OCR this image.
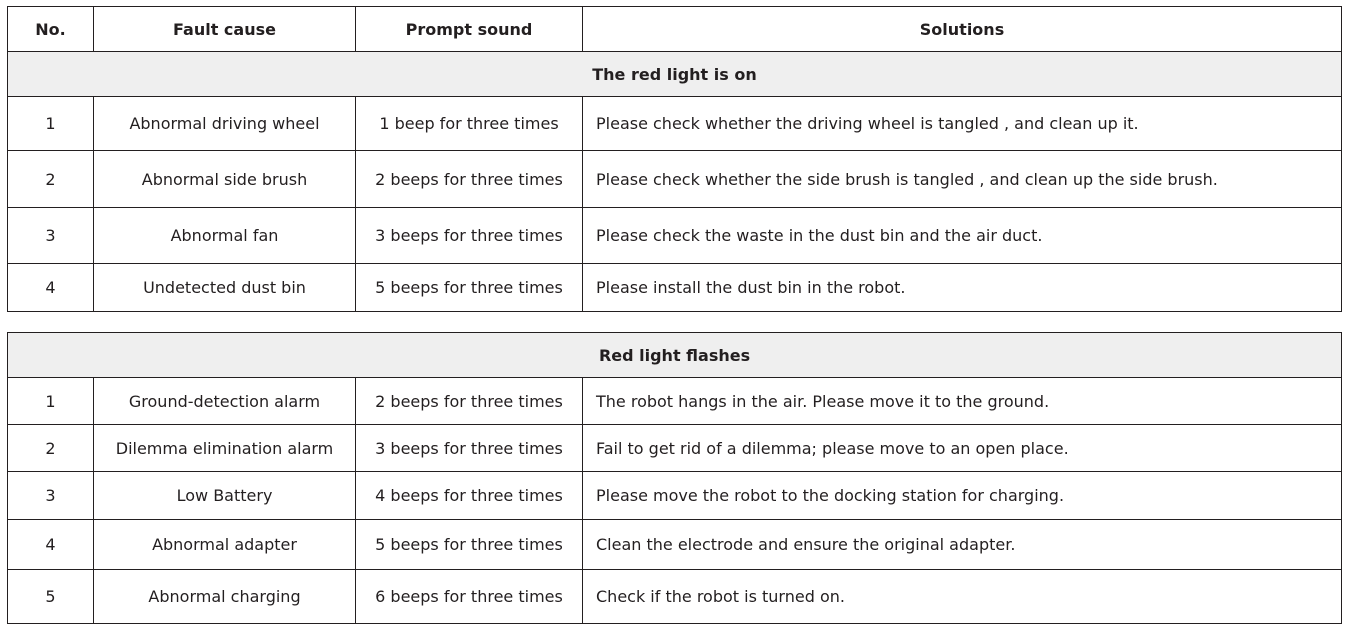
No.	Fault cause	Prompt sound	Solutions
The red light is on			
1	Abnormal driving wheel	1 beep for three times	Please check whether the driving wheel is tangled , and clean up it.
2	Abnormal side brush	2 beeps for three times	Please check whether the side brush is tangled , and clean up the side brush.
3	Abnormal fan	3 beeps for three times	Please check the waste in the dust bin and the air duct.
4	Undetected dust bin	5 beeps for three times	Please install the dust bin in the robot.
Red light flashes			
1	Ground-detection alarm	2 beeps for three times	The robot hangs in the air. Please move it to the ground.
2	Dilemma elimination alarm	3 beeps for three times	Fail to get rid of a dilemma; please move to an open place.
3	Low Battery	4 beeps for three times	Please move the robot to the docking station for charging.
4	Abnormal adapter	5 beeps for three times	Clean the electrode and ensure the original adapter.
5	Abnormal charging	6 beeps for three times	Check if the robot is turned on.
